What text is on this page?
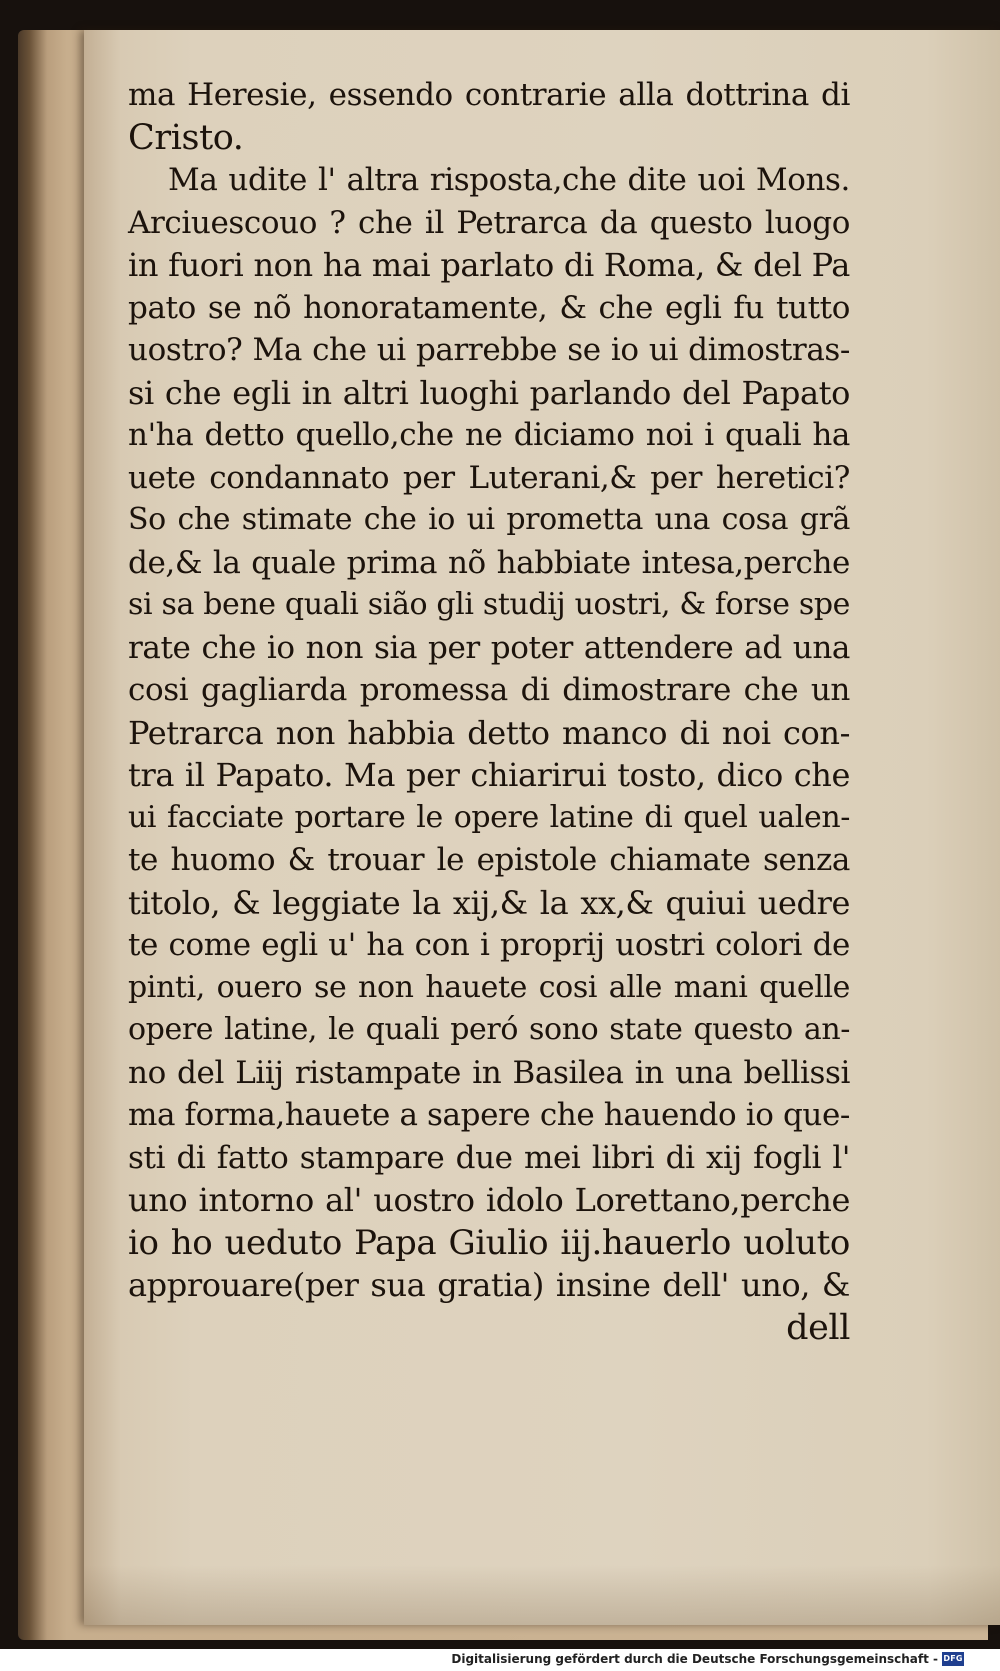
ma Heresie, essendo contrarie alla dottrina di
Cristo.
Ma udite l' altra risposta,che dite uoi Mons.
Arciuescouo ? che il Petrarca da questo luogo
in fuori non ha mai parlato di Roma, & del Pa
pato se nõ honoratamente, & che egli fu tutto
uostro? Ma che ui parrebbe se io ui dimostras-
si che egli in altri luoghi parlando del Papato
n'ha detto quello,che ne diciamo noi i quali ha
uete condannato per Luterani,& per heretici?
So che stimate che io ui prometta una cosa grã
de,& la quale prima nõ habbiate intesa,perche
si sa bene quali sião gli studij uostri, & forse spe
rate che io non sia per poter attendere ad una
cosi gagliarda promessa di dimostrare che un
Petrarca non habbia detto manco di noi con-
tra il Papato. Ma per chiarirui tosto, dico che
ui facciate portare le opere latine di quel ualen-
te huomo & trouar le epistole chiamate senza
titolo, & leggiate la xij,& la xx,& quiui uedre
te come egli u' ha con i proprij uostri colori de
pinti, ouero se non hauete cosi alle mani quelle
opere latine, le quali peró sono state questo an-
no del Liij ristampate in Basilea in una bellissi
ma forma,hauete a sapere che hauendo io que-
sti di fatto stampare due mei libri di xij fogli l'
uno intorno al' uostro idolo Lorettano,perche
io ho ueduto Papa Giulio iij.hauerlo uoluto
approuare(per sua gratia) insine dell' uno, &
dell
Digitalisierung gefördert durch die Deutsche Forschungsgemeinschaft - DFG
